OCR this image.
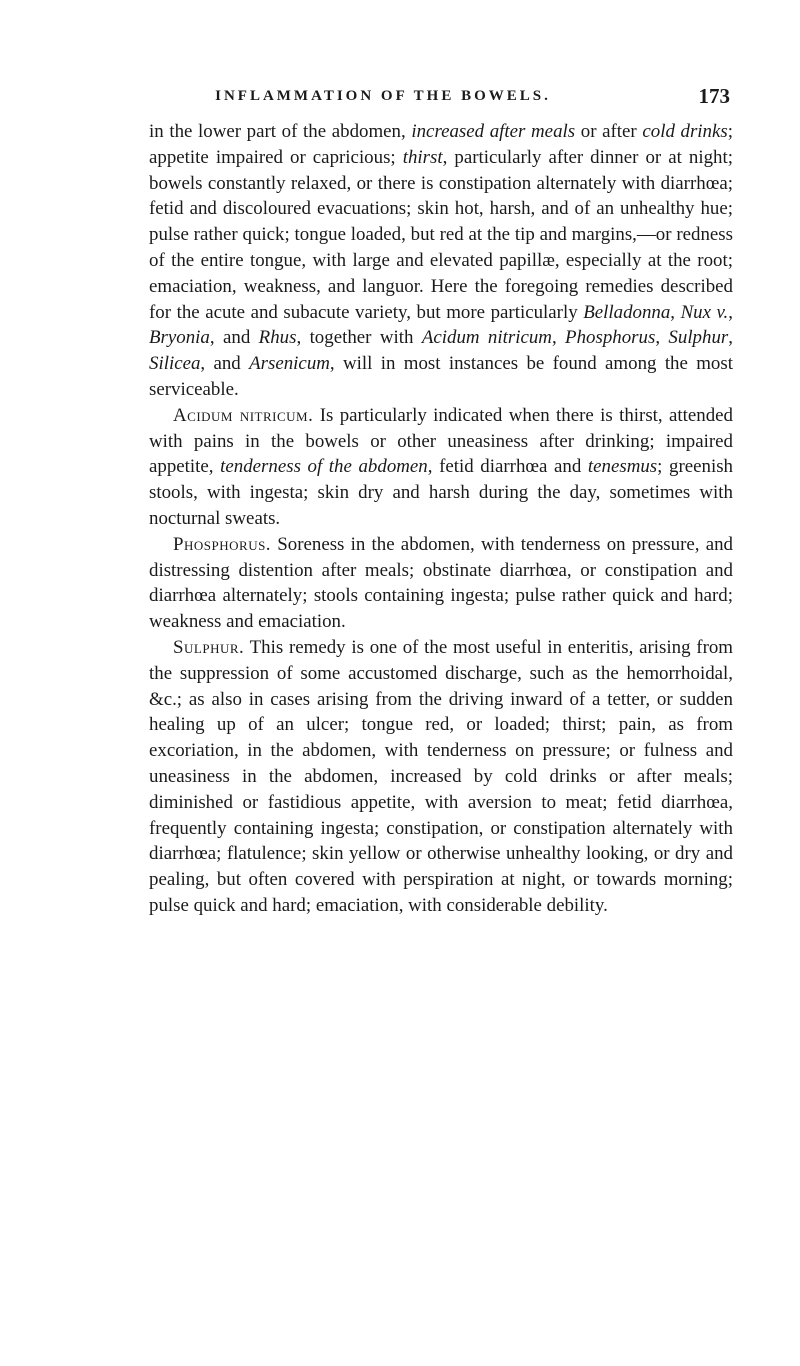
INFLAMMATION OF THE BOWELS.	173

in the lower part of the abdomen, increased after meals or after cold drinks; appetite impaired or capricious; thirst, particularly after dinner or at night; bowels constantly relaxed, or there is constipation alternately with diarrhœa; fetid and discoloured evacuations; skin hot, harsh, and of an unhealthy hue; pulse rather quick; tongue loaded, but red at the tip and margins,—or redness of the entire tongue, with large and elevated papillæ, especially at the root; emaciation, weakness, and languor. Here the foregoing remedies described for the acute and subacute variety, but more particularly Belladonna, Nux v., Bryonia, and Rhus, together with Acidum nitricum, Phosphorus, Sulphur, Silicea, and Arsenicum, will in most instances be found among the most serviceable.

Acidum nitricum. Is particularly indicated when there is thirst, attended with pains in the bowels or other uneasiness after drinking; impaired appetite, tenderness of the abdomen, fetid diarrhœa and tenesmus; greenish stools, with ingesta; skin dry and harsh during the day, sometimes with nocturnal sweats.

Phosphorus. Soreness in the abdomen, with tenderness on pressure, and distressing distention after meals; obstinate diarrhœa, or constipation and diarrhœa alternately; stools containing ingesta; pulse rather quick and hard; weakness and emaciation.

Sulphur. This remedy is one of the most useful in enteritis, arising from the suppression of some accustomed discharge, such as the hemorrhoidal, &c.; as also in cases arising from the driving inward of a tetter, or sudden healing up of an ulcer; tongue red, or loaded; thirst; pain, as from excoriation, in the abdomen, with tenderness on pressure; or fulness and uneasiness in the abdomen, increased by cold drinks or after meals; diminished or fastidious appetite, with aversion to meat; fetid diarrhœa, frequently containing ingesta; constipation, or constipation alternately with diarrhœa; flatulence; skin yellow or otherwise unhealthy looking, or dry and pealing, but often covered with perspiration at night, or towards morning; pulse quick and hard; emaciation, with considerable debility.
